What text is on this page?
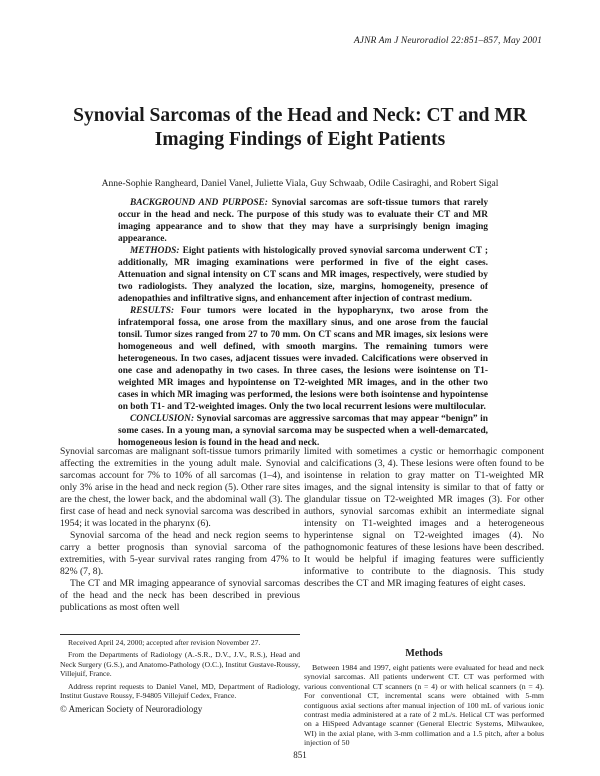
AJNR Am J Neuroradiol 22:851–857, May 2001
Synovial Sarcomas of the Head and Neck: CT and MR Imaging Findings of Eight Patients
Anne-Sophie Rangheard, Daniel Vanel, Juliette Viala, Guy Schwaab, Odile Casiraghi, and Robert Sigal

BACKGROUND AND PURPOSE: Synovial sarcomas are soft-tissue tumors that rarely occur in the head and neck. The purpose of this study was to evaluate their CT and MR imaging appearance and to show that they may have a surprisingly benign imaging appearance.

METHODS: Eight patients with histologically proved synovial sarcoma underwent CT ; additionally, MR imaging examinations were performed in five of the eight cases. Attenuation and signal intensity on CT scans and MR images, respectively, were studied by two radiologists. They analyzed the location, size, margins, homogeneity, presence of adenopathies and infiltrative signs, and enhancement after injection of contrast medium.

RESULTS: Four tumors were located in the hypopharynx, two arose from the infratemporal fossa, one arose from the maxillary sinus, and one arose from the faucial tonsil. Tumor sizes ranged from 27 to 70 mm. On CT scans and MR images, six lesions were homogeneous and well defined, with smooth margins. The remaining tumors were heterogeneous. In two cases, adjacent tissues were invaded. Calcifications were observed in one case and adenopathy in two cases. In three cases, the lesions were isointense on T1-weighted MR images and hypointense on T2-weighted MR images, and in the other two cases in which MR imaging was performed, the lesions were both isointense and hypointense on both T1- and T2-weighted images. Only the two local recurrent lesions were multilocular.

CONCLUSION: Synovial sarcomas are aggressive sarcomas that may appear “benign” in some cases. In a young man, a synovial sarcoma may be suspected when a well-demarcated, homogeneous lesion is found in the head and neck.

Synovial sarcomas are malignant soft-tissue tumors primarily affecting the extremities in the young adult male. Synovial sarcomas account for 7% to 10% of all sarcomas (1–4), and only 3% arise in the head and neck region (5). Other rare sites are the chest, the lower back, and the abdominal wall (3). The first case of head and neck synovial sarcoma was described in 1954; it was located in the pharynx (6).

Synovial sarcoma of the head and neck region seems to carry a better prognosis than synovial sarcoma of the extremities, with 5-year survival rates ranging from 47% to 82% (7, 8).

The CT and MR imaging appearance of synovial sarcomas of the head and the neck has been described in previous publications as most often well

limited with sometimes a cystic or hemorrhagic component and calcifications (3, 4). These lesions were often found to be isointense in relation to gray matter on T1-weighted MR images, and the signal intensity is similar to that of fatty or glandular tissue on T2-weighted MR images (3). For other authors, synovial sarcomas exhibit an intermediate signal intensity on T1-weighted images and a heterogeneous hyperintense signal on T2-weighted images (4). No pathognomonic features of these lesions have been described. It would be helpful if imaging features were sufficiently informative to contribute to the diagnosis. This study describes the CT and MR imaging features of eight cases.

Received April 24, 2000; accepted after revision November 27.

From the Departments of Radiology (A.-S.R., D.V., J.V., R.S.), Head and Neck Surgery (G.S.), and Anatomo-Pathology (O.C.), Institut Gustave-Roussy, Villejuif, France.

Address reprint requests to Daniel Vanel, MD, Department of Radiology, Institut Gustave Roussy, F-94805 Villejuif Cedex, France.

© American Society of Neuroradiology

Methods

Between 1984 and 1997, eight patients were evaluated for head and neck synovial sarcomas. All patients underwent CT. CT was performed with various conventional CT scanners (n = 4) or with helical scanners (n = 4). For conventional CT, incremental scans were obtained with 5-mm contiguous axial sections after manual injection of 100 mL of various ionic contrast media administered at a rate of 2 mL/s. Helical CT was performed on a HiSpeed Advantage scanner (General Electric Systems, Milwaukee, WI) in the axial plane, with 3-mm collimation and a 1.5 pitch, after a bolus injection of 50

851
